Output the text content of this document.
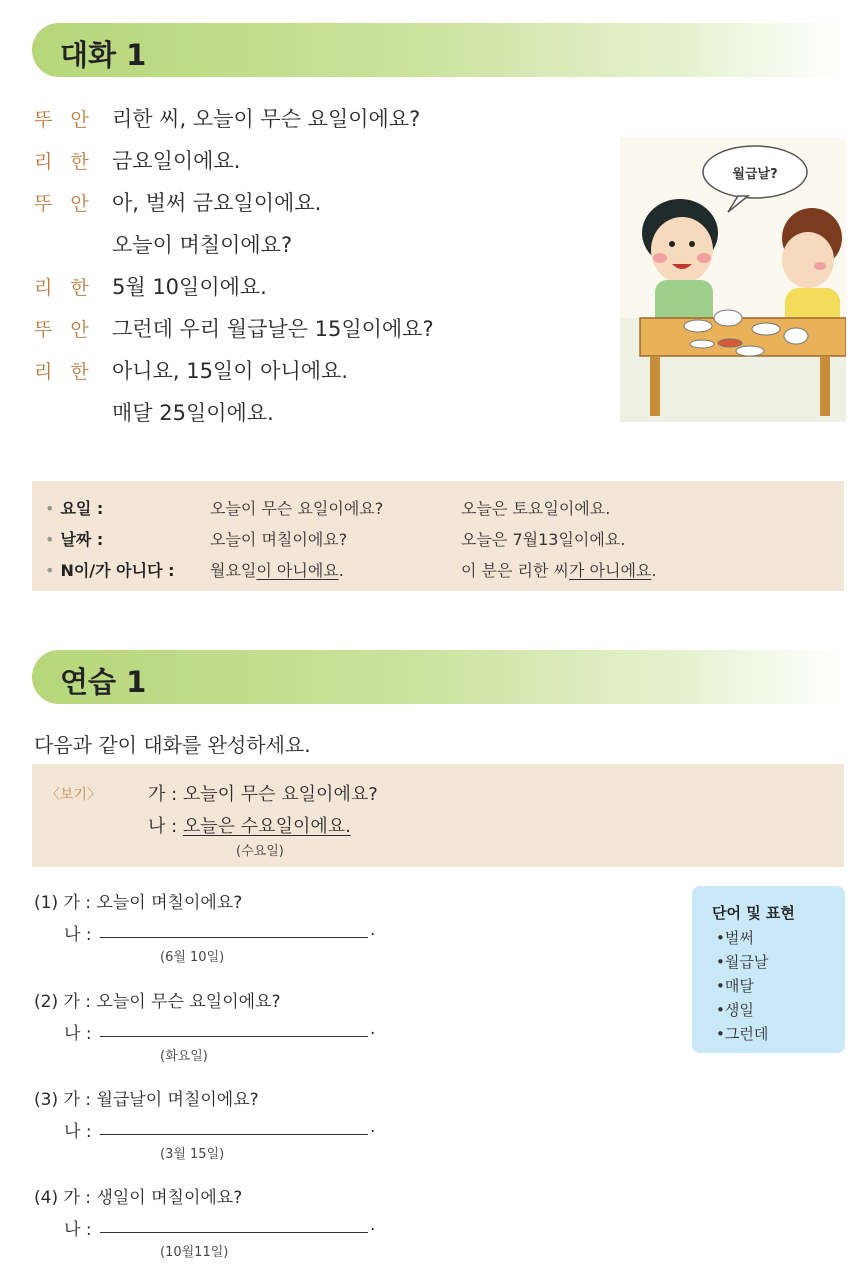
대화 1
뚜 안 리한 씨, 오늘이 무슨 요일이에요?
리 한 금요일이에요.
뚜 안 아, 벌써 금요일이에요.
오늘이 며칠이에요?
리 한 5월 10일이에요.
뚜 안 그런데 우리 월급날은 15일이에요?
리 한 아니요, 15일이 아니에요.
매달 25일이에요.
월급날?
• 요일 :	오늘이 무슨 요일이에요?	오늘은 토요일이에요.
• 날짜 :	오늘이 며칠이에요?	오늘은 7월13일이에요.
• N이/가 아니다 : 월요일이 아니에요.	이 분은 리한 씨가 아니에요.
연습 1
다음과 같이 대화를 완성하세요.
〈보기〉	가 : 오늘이 무슨 요일이에요?
나 : 오늘은 수요일이에요.
(수요일)
(1) 가 : 오늘이 며칠이에요?
나 :	.
(6월 10일)
(2) 가 : 오늘이 무슨 요일이에요?
나 :	.
(화요일)
(3) 가 : 월급날이 며칠이에요?
나 :	.
(3월 15일)
(4) 가 : 생일이 며칠이에요?
나 :	.
(10월11일)
단어 및 표현
•벌써
•월급날
•매달
•생일
•그런데
